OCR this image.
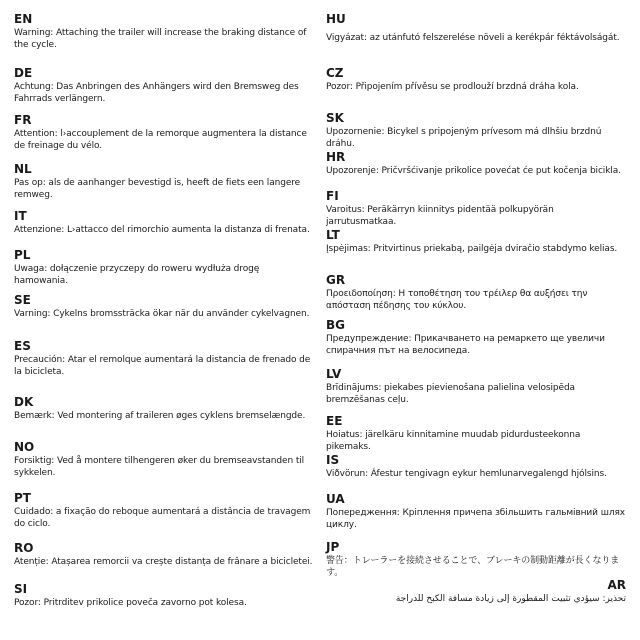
EN
Warning: Attaching the trailer will increase the braking distance of the cycle.
DE
Achtung: Das Anbringen des Anhängers wird den Bremsweg des Fahrrads verlängern.
FR
Attention: l›accouplement de la remorque augmentera la distance de freinage du vélo.
NL
Pas op: als de aanhanger bevestigd is, heeft de fiets een langere remweg.
IT
Attenzione: L›attacco del rimorchio aumenta la distanza di frenata.
PL
Uwaga: dołączenie przyczepy do roweru wydłuża drogę hamowania.
SE
Varning: Cykelns bromssträcka ökar när du använder cykelvagnen.
ES
Precaución: Atar el remolque aumentará la distancia de frenado de la bicicleta.
DK
Bemærk: Ved montering af traileren øges cyklens bremselængde.
NO
Forsiktig: Ved å montere tilhengeren øker du bremseavstanden til sykkelen.
PT
Cuidado: a fixação do reboque aumentará a distância de travagem do ciclo.
RO
Atenție: Atașarea remorcii va crește distanța de frânare a bicicletei.
SI
Pozor: Pritrditev prikolice poveča zavorno pot kolesa.
HU
Vigyázat: az utánfutó felszerelése növeli a kerékpár féktávolságát.
CZ
Pozor: Připojením přívěsu se prodlouží brzdná dráha kola.
SK
Upozornenie: Bicykel s pripojeným prívesom má dlhšiu brzdnú dráhu.
HR
Upozorenje: Pričvršćivanje prikolice povećat će put kočenja bicikla.
FI
Varoitus: Peräkärryn kiinnitys pidentää polkupyörän jarrutusmatkaa.
LT
Įspėjimas: Pritvirtinus priekabą, pailgėja dviračio stabdymo kelias.
GR
Προειδοποίηση: Η τοποθέτηση του τρέιλερ θα αυξήσει την απόσταση πέδησης του κύκλου.
BG
Предупреждение: Прикачването на ремаркето ще увеличи спирачния път на велосипеда.
LV
Brīdinājums: piekabes pievienošana palielina velosipēda bremzēšanas ceļu.
EE
Hoiatus: järelkäru kinnitamine muudab pidurdusteekonna pikemaks.
IS
Viðvörun: Áfestur tengivagn eykur hemlunarvegalengd hjólsins.
UA
Попередження: Кріплення причепа збільшить гальмівний шлях циклу.
JP
警告：トレーラーを接続させることで、ブレーキの制動距離が長くなります。
AR
تحذير: سيؤدي تثبيت المقطورة إلى زيادة مسافة الكبح للدراجة
